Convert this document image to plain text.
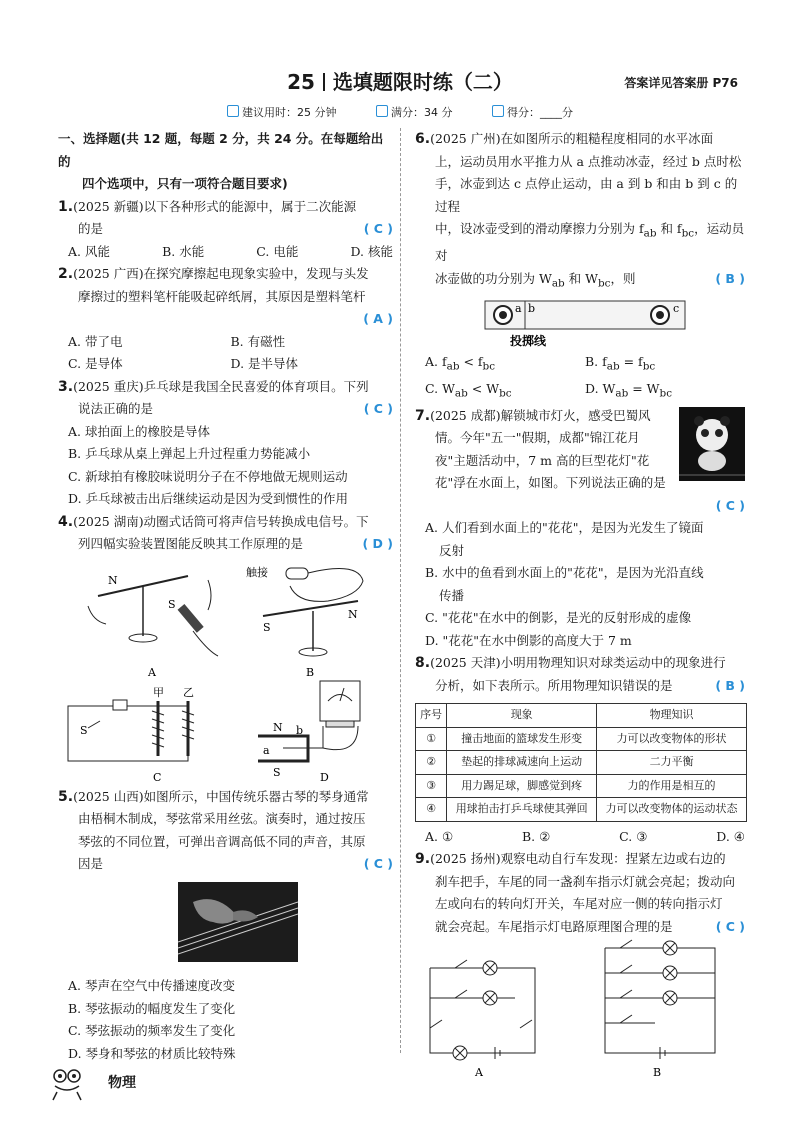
25 选填题限时练（二）	答案详见答案册 P76
建议用时：25 分钟	满分：34 分	得分：____分
一、选择题(共 12 题，每题 2 分，共 24 分。在每题给出的
四个选项中，只有一项符合题目要求)
1.(2025 新疆)以下各种形式的能源中，属于二次能源
的是	( C )
A. 风能	B. 水能	C. 电能	D. 核能
2.(2025 广西)在探究摩擦起电现象实验中，发现与头发
摩擦过的塑料笔杆能吸起碎纸屑，其原因是塑料笔杆
( A )
A. 带了电	B. 有磁性
C. 是导体	D. 是半导体
3.(2025 重庆)乒乓球是我国全民喜爱的体育项目。下列
说法正确的是	( C )
A. 球拍面上的橡胶是导体
B. 乒乓球从桌上弹起上升过程重力势能减小
C. 新球拍有橡胶味说明分子在不停地做无规则运动
D. 乒乓球被击出后继续运动是因为受到惯性的作用
4.(2025 湖南)动圈式话筒可将声信号转换成电信号。下
列四幅实验装置图能反映其工作原理的是	( D )
N
S
A
触接
S
N
B
甲 乙
S
C
N
S
b
a
D
5.(2025 山西)如图所示，中国传统乐器古琴的琴身通常
由梧桐木制成，琴弦常采用丝弦。演奏时，通过按压
琴弦的不同位置，可弹出音调高低不同的声音，其原
因是	( C )
A. 琴声在空气中传播速度改变
B. 琴弦振动的幅度发生了变化
C. 琴弦振动的频率发生了变化
D. 琴身和琴弦的材质比较特殊
6.(2025 广州)在如图所示的粗糙程度相同的水平冰面
上，运动员用水平推力从 a 点推动冰壶，经过 b 点时松
手，冰壶到达 c 点停止运动，由 a 到 b 和由 b 到 c 的过程
中，设冰壶受到的滑动摩擦力分别为 $f_{ab}$ 和 $f_{bc}$，运动员对
冰壶做的功分别为 $W_{ab}$ 和 $W_{bc}$，则	( B )
a b	c
投掷线
A. $f_{ab} < f_{bc}$	B. $f_{ab} = f_{bc}$
C. $W_{ab} < W_{bc}$	D. $W_{ab} = W_{bc}$
7.(2025 成都)解锁城市灯火，感受巴蜀风
情。今年"五一"假期，成都"锦江花月
夜"主题活动中，7 m 高的巨型花灯"花
花"浮在水面上，如图。下列说法正确的是
( C )
A. 人们看到水面上的"花花"，是因为光发生了镜面
反射
B. 水中的鱼看到水面上的"花花"，是因为光沿直线
传播
C. "花花"在水中的倒影，是光的反射形成的虚像
D. "花花"在水中倒影的高度大于 7 m
8.(2025 天津)小明用物理知识对球类运动中的现象进行
分析，如下表所示。所用物理知识错误的是	( B )
序号	现象	物理知识
①	撞击地面的篮球发生形变	力可以改变物体的形状
②	垫起的排球减速向上运动	二力平衡
③	用力踢足球，脚感觉到疼	力的作用是相互的
④	用球拍击打乒乓球使其弹回	力可以改变物体的运动状态
A. ①	B. ②	C. ③	D. ④
9.(2025 扬州)观察电动自行车发现：捏紧左边或右边的
刹车把手，车尾的同一盏刹车指示灯就会亮起；拨动向
左或向右的转向灯开关，车尾对应一侧的转向指示灯
就会亮起。车尾指示灯电路原理图合理的是	( C )
A	B
物理
